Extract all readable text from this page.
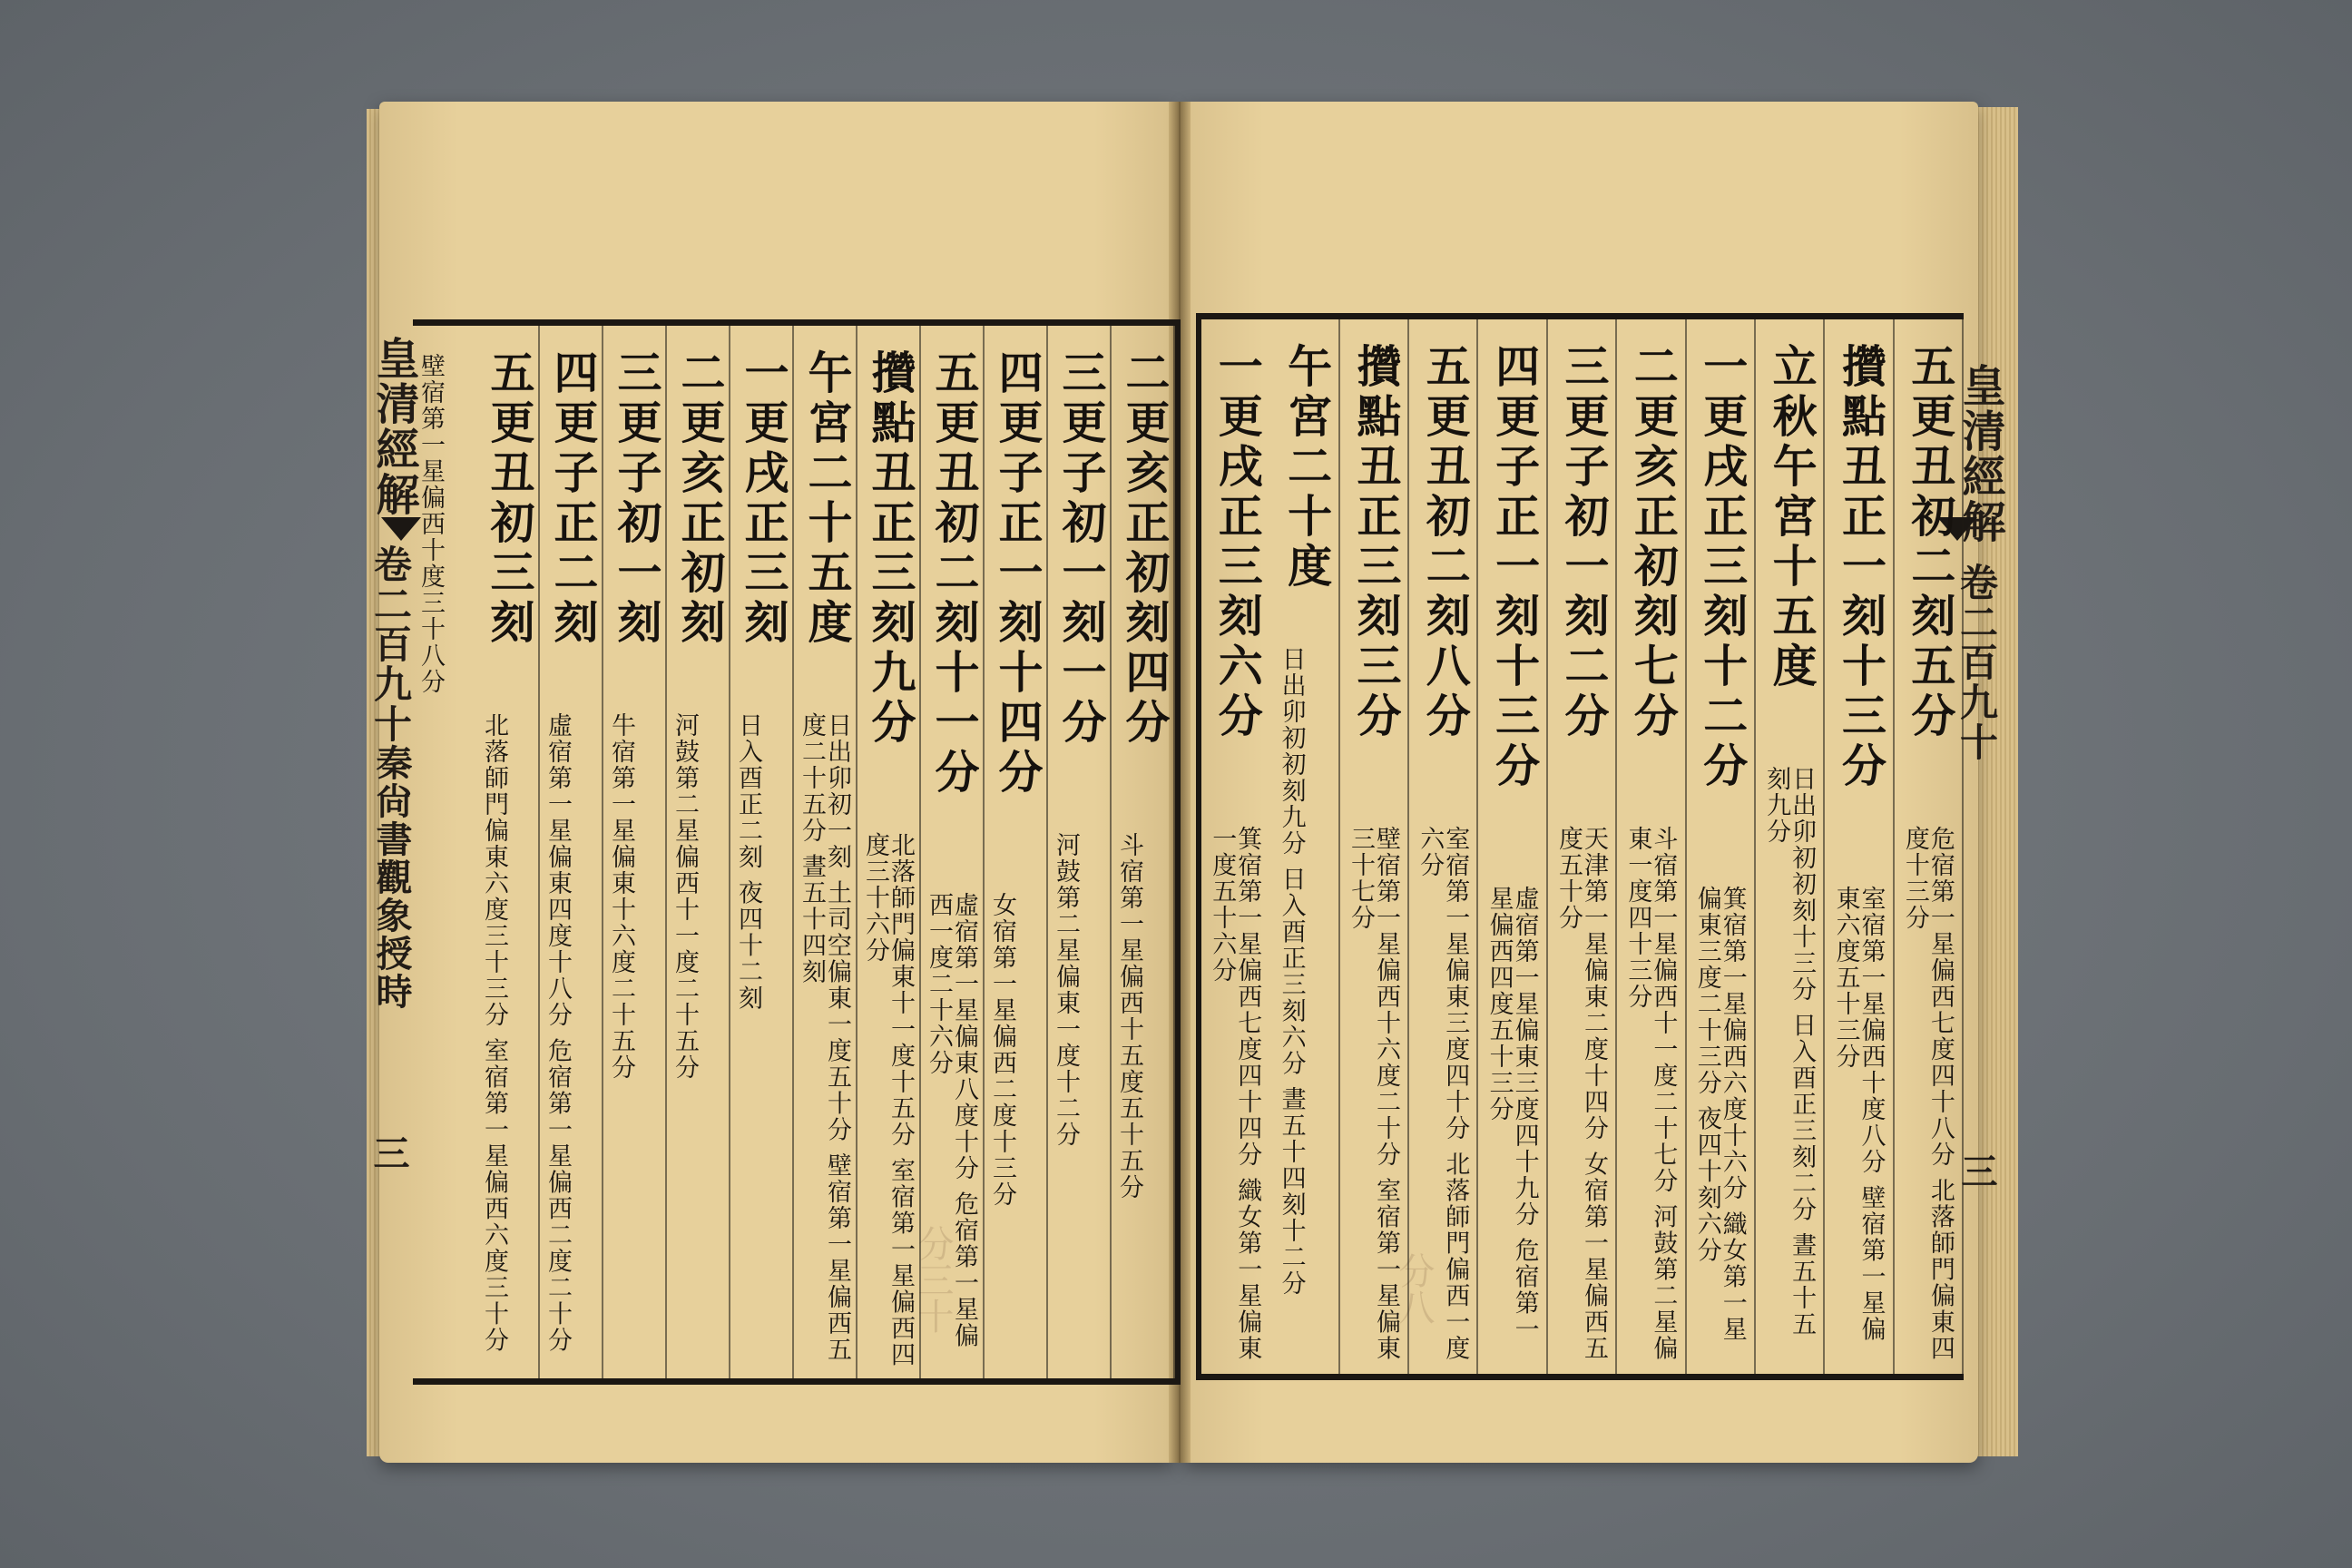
分三十	分八
皇清經解
卷二百九十
秦尙書觀象授時
三
二更亥正初刻四分
斗宿第一星偏西十五度五十五分
三更子初一刻一分
河鼓第二星偏東一度十二分
四更子正一刻十四分
女宿第一星偏西二度十三分
五更丑初二刻十一分
虛宿第一星偏東八度十分 危宿第一星偏西一度二十六分
攢點丑正三刻九分
北落師門偏東十一度十五分 室宿第一星偏西四度三十六分
午宮二十五度
日出卯初一刻 土司空偏東一度五十分 壁宿第一星偏西五度二十五分 晝五十四刻
一更戌正三刻
日入酉正二刻 夜四十二刻
二更亥正初刻
河鼓第二星偏西十一度二十五分
三更子初一刻
牛宿第一星偏東十六度二十五分
四更子正二刻
虛宿第一星偏東四度十八分 危宿第一星偏西二度二十分
五更丑初三刻
北落師門偏東六度三十三分 室宿第一星偏西六度三十分
壁宿第一星偏西十度三十八分	皇清經解
卷二百九十
三
五更丑初二刻五分
危宿第一星偏西七度四十八分 北落師門偏東四度十三分
攢點丑正一刻十三分
室宿第一星偏西十度八分 壁宿第一星偏東六度五十三分
立秋午宮十五度
日出卯初初刻十三分 日入酉正三刻二分 晝五十五刻九分
一更戌正三刻十二分
箕宿第一星偏西六度十六分 織女第一星偏東三度二十三分 夜四十刻六分
二更亥正初刻七分
斗宿第一星偏西十一度二十七分 河鼓第二星偏東一度四十三分
三更子初一刻二分
天津第一星偏東二度十四分 女宿第一星偏西五度五十分
四更子正一刻十三分
虛宿第一星偏東三度四十九分 危宿第一星偏西四度五十三分
五更丑初二刻八分
室宿第一星偏東三度四十分 北落師門偏西一度六分
攢點丑正三刻三分
壁宿第一星偏西十六度二十分 室宿第一星偏東三十七分
午宮二十度
日出卯初初刻九分 日入酉正三刻六分 晝五十四刻十二分
一更戌正三刻六分
箕宿第一星偏西七度四十四分 織女第一星偏東一度五十六分
